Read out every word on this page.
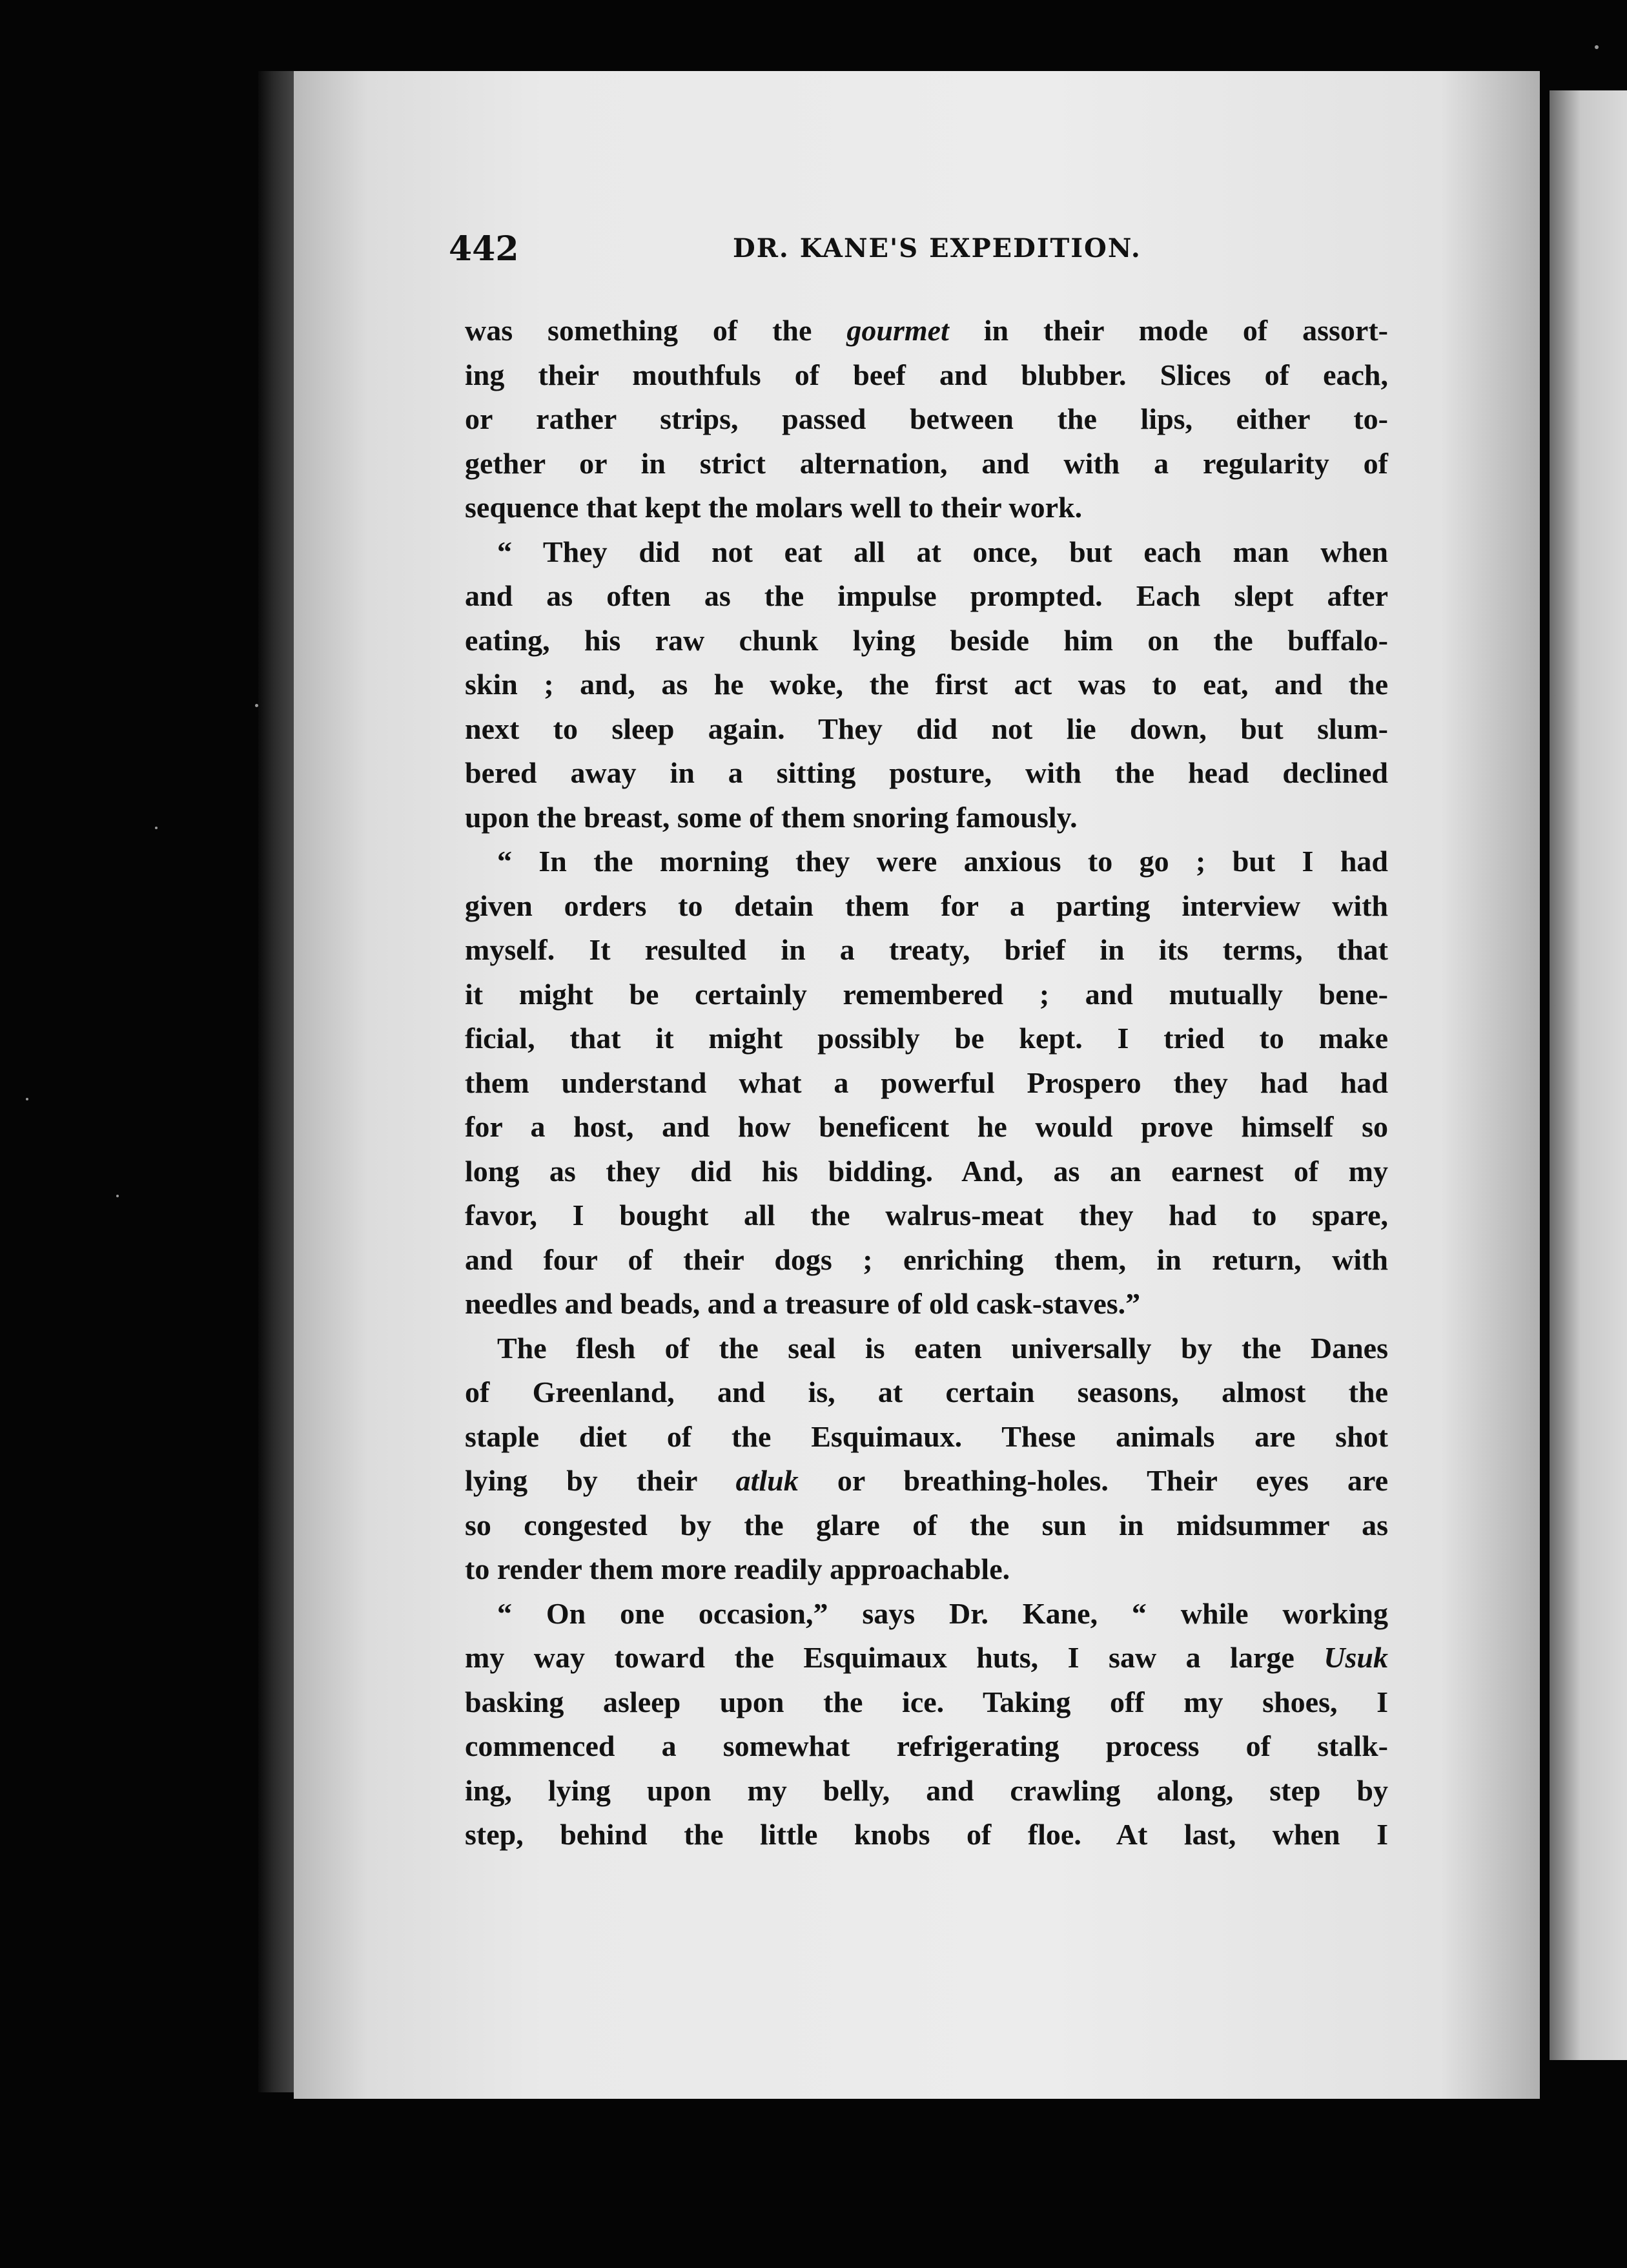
442	DR. KANE'S EXPEDITION.
was something of the gourmet in their mode of assort-
ing their mouthfuls of beef and blubber. Slices of each,
or rather strips, passed between the lips, either to-
gether or in strict alternation, and with a regularity of
sequence that kept the molars well to their work.
“ They did not eat all at once, but each man when
and as often as the impulse prompted. Each slept after
eating, his raw chunk lying beside him on the buffalo-
skin ; and, as he woke, the first act was to eat, and the
next to sleep again. They did not lie down, but slum-
bered away in a sitting posture, with the head declined
upon the breast, some of them snoring famously.
“ In the morning they were anxious to go ; but I had
given orders to detain them for a parting interview with
myself. It resulted in a treaty, brief in its terms, that
it might be certainly remembered ; and mutually bene-
ficial, that it might possibly be kept. I tried to make
them understand what a powerful Prospero they had had
for a host, and how beneficent he would prove himself so
long as they did his bidding. And, as an earnest of my
favor, I bought all the walrus-meat they had to spare,
and four of their dogs ; enriching them, in return, with
needles and beads, and a treasure of old cask-staves.”
The flesh of the seal is eaten universally by the Danes
of Greenland, and is, at certain seasons, almost the
staple diet of the Esquimaux. These animals are shot
lying by their atluk or breathing-holes. Their eyes are
so congested by the glare of the sun in midsummer as
to render them more readily approachable.
“ On one occasion,” says Dr. Kane, “ while working
my way toward the Esquimaux huts, I saw a large Usuk
basking asleep upon the ice. Taking off my shoes, I
commenced a somewhat refrigerating process of stalk-
ing, lying upon my belly, and crawling along, step by
step, behind the little knobs of floe. At last, when I
